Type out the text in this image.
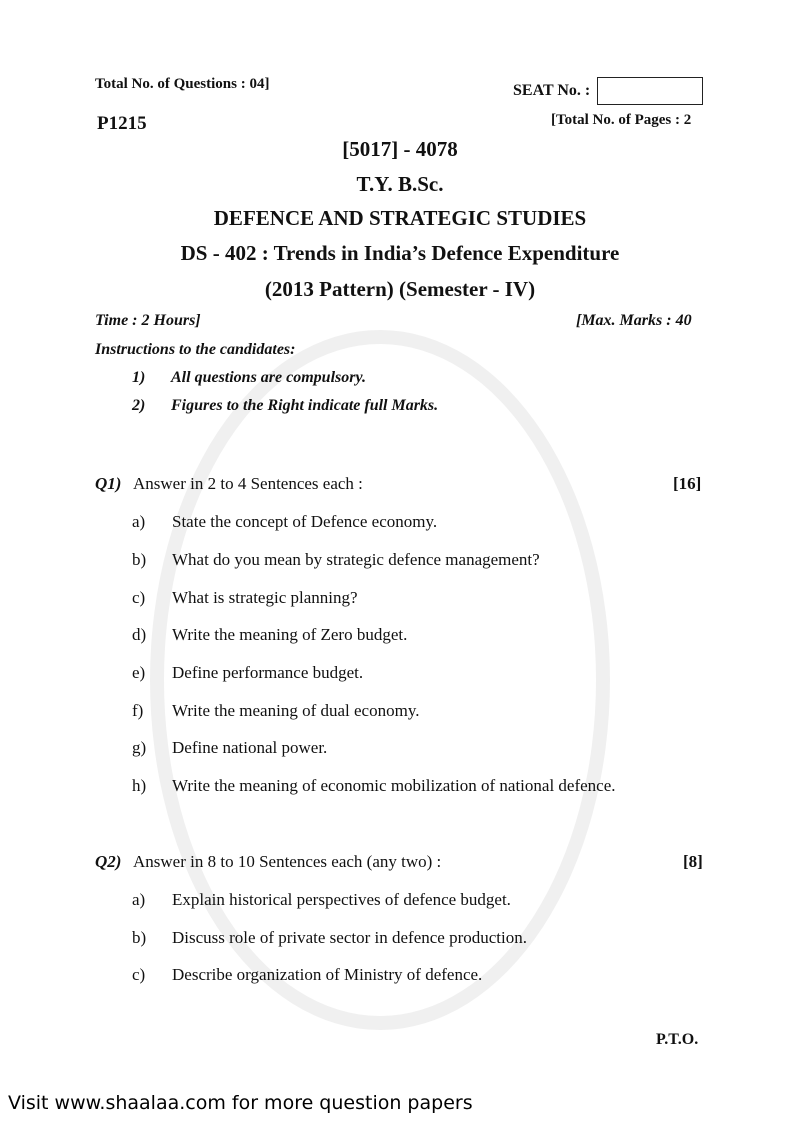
Total No. of Questions : 04]	SEAT No. :
P1215	[Total No. of Pages : 2
[5017] - 4078
T.Y. B.Sc.
DEFENCE AND STRATEGIC STUDIES
DS - 402 : Trends in India’s Defence Expenditure
(2013 Pattern) (Semester - IV)
Time : 2 Hours]	[Max. Marks : 40
Instructions to the candidates:
1) All questions are compulsory.
2) Figures to the Right indicate full Marks.
Q1) Answer in 2 to 4 Sentences each :	[16]
a) State the concept of Defence economy.
b) What do you mean by strategic defence management?
c) What is strategic planning?
d) Write the meaning of Zero budget.
e) Define performance budget.
f) Write the meaning of dual economy.
g) Define national power.
h) Write the meaning of economic mobilization of national defence.
Q2) Answer in 8 to 10 Sentences each (any two) :	[8]
a) Explain historical perspectives of defence budget.
b) Discuss role of private sector in defence production.
c) Describe organization of Ministry of defence.
P.T.O.
Visit www.shaalaa.com for more question papers
